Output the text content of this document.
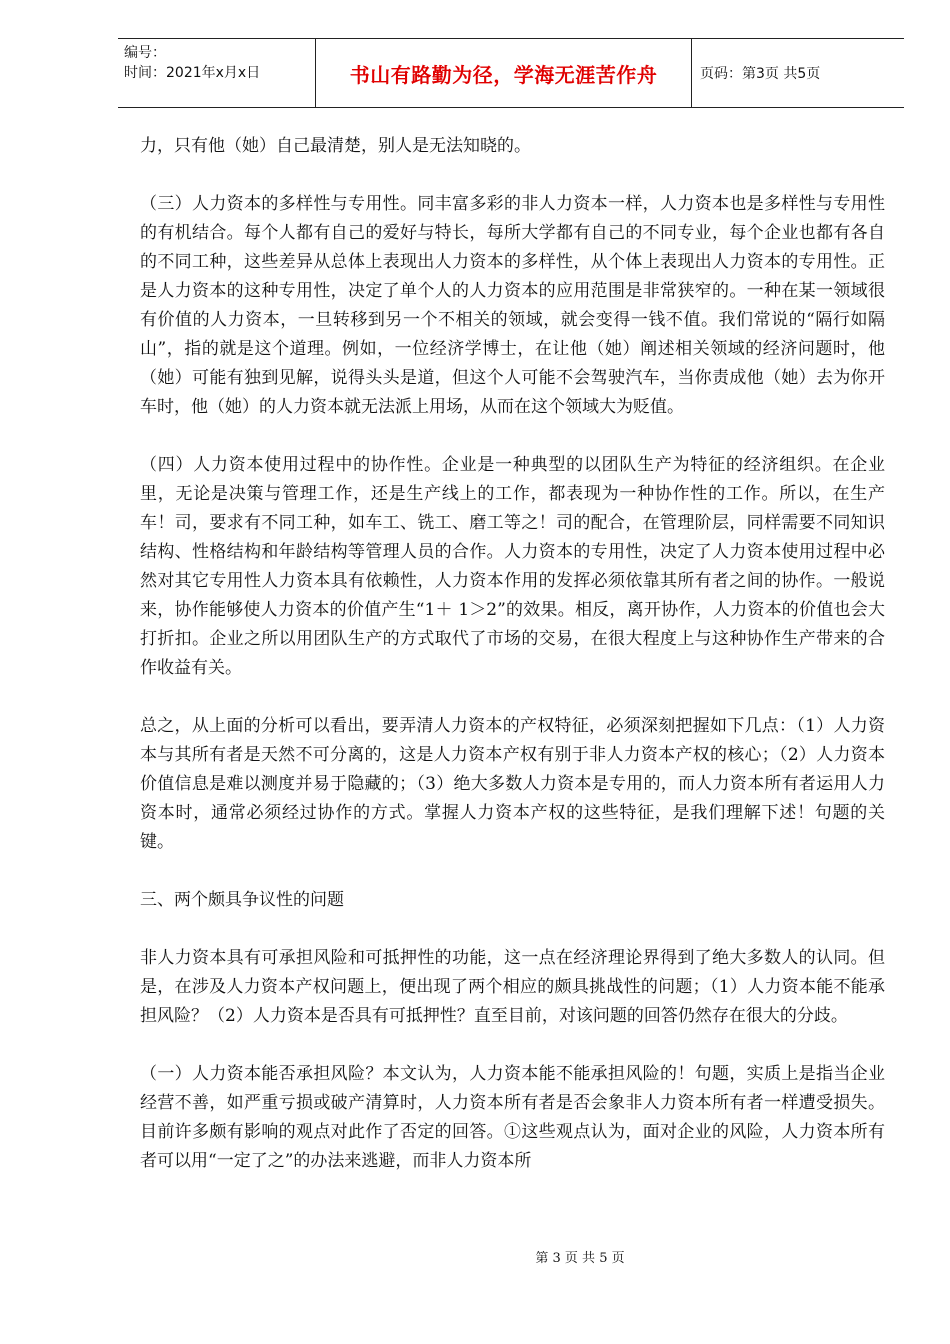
编号：
时间：2021年x月x日	书山有路勤为径，学海无涯苦作舟	页码：第3页 共5页

力，只有他（她）自己最清楚，别人是无法知晓的。

（三）人力资本的多样性与专用性。同丰富多彩的非人力资本一样，人力资本也是多样性与专用性的有机结合。每个人都有自己的爱好与特长，每所大学都有自己的不同专业，每个企业也都有各自的不同工种，这些差异从总体上表现出人力资本的多样性，从个体上表现出人力资本的专用性。正是人力资本的这种专用性，决定了单个人的人力资本的应用范围是非常狭窄的。一种在某一领域很有价值的人力资本，一旦转移到另一个不相关的领域，就会变得一钱不值。我们常说的“隔行如隔山”，指的就是这个道理。例如，一位经济学博士，在让他（她）阐述相关领域的经济问题时，他（她）可能有独到见解，说得头头是道，但这个人可能不会驾驶汽车，当你责成他（她）去为你开车时，他（她）的人力资本就无法派上用场，从而在这个领域大为贬值。

（四）人力资本使用过程中的协作性。企业是一种典型的以团队生产为特征的经济组织。在企业里，无论是决策与管理工作，还是生产线上的工作，都表现为一种协作性的工作。所以，在生产车！司，要求有不同工种，如车工、铣工、磨工等之！司的配合，在管理阶层，同样需要不同知识结构、性格结构和年龄结构等管理人员的合作。人力资本的专用性，决定了人力资本使用过程中必然对其它专用性人力资本具有依赖性，人力资本作用的发挥必须依靠其所有者之间的协作。一般说来，协作能够使人力资本的价值产生“1＋ 1＞2”的效果。相反，离开协作，人力资本的价值也会大打折扣。企业之所以用团队生产的方式取代了市场的交易，在很大程度上与这种协作生产带来的合作收益有关。

总之，从上面的分析可以看出，要弄清人力资本的产权特征，必须深刻把握如下几点：（1）人力资本与其所有者是天然不可分离的，这是人力资本产权有别于非人力资本产权的核心；（2）人力资本价值信息是难以测度并易于隐藏的；（3）绝大多数人力资本是专用的，而人力资本所有者运用人力资本时，通常必须经过协作的方式。掌握人力资本产权的这些特征，是我们理解下述！句题的关键。

三、两个颇具争议性的问题

非人力资本具有可承担风险和可抵押性的功能，这一点在经济理论界得到了绝大多数人的认同。但是，在涉及人力资本产权问题上，便出现了两个相应的颇具挑战性的问题；（1）人力资本能不能承担风险？（2）人力资本是否具有可抵押性？直至目前，对该问题的回答仍然存在很大的分歧。

（一）人力资本能否承担风险？本文认为，人力资本能不能承担风险的！句题，实质上是指当企业经营不善，如严重亏损或破产清算时，人力资本所有者是否会象非人力资本所有者一样遭受损失。目前许多颇有影响的观点对此作了否定的回答。①这些观点认为，面对企业的风险，人力资本所有者可以用“一定了之”的办法来逃避，而非人力资本所

第 3 页 共 5 页
